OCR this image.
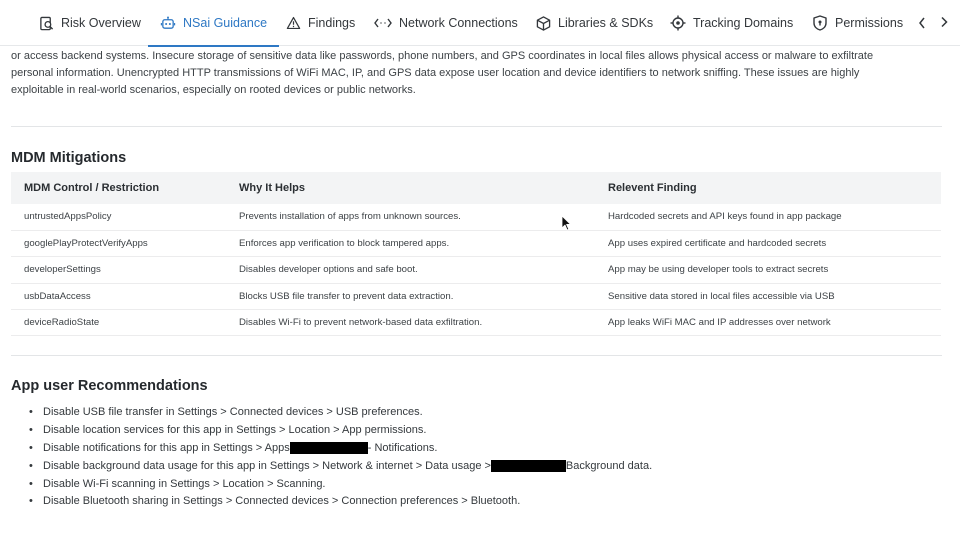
Risk Overview	NSai Guidance	Findings	Network Connections	Libraries & SDKs	Tracking Domains	Permissions
or access backend systems. Insecure storage of sensitive data like passwords, phone numbers, and GPS coordinates in local files allows physical access or malware to exfiltrate
personal information. Unencrypted HTTP transmissions of WiFi MAC, IP, and GPS data expose user location and device identifiers to network sniffing. These issues are highly
exploitable in real-world scenarios, especially on rooted devices or public networks.
MDM Mitigations
MDM Control / Restriction	Why It Helps	Relevent Finding
untrustedAppsPolicy	Prevents installation of apps from unknown sources.	Hardcoded secrets and API keys found in app package
googlePlayProtectVerifyApps	Enforces app verification to block tampered apps.	App uses expired certificate and hardcoded secrets
developerSettings	Disables developer options and safe boot.	App may be using developer tools to extract secrets
usbDataAccess	Blocks USB file transfer to prevent data extraction.	Sensitive data stored in local files accessible via USB
deviceRadioState	Disables Wi-Fi to prevent network-based data exfiltration.	App leaks WiFi MAC and IP addresses over network
App user Recommendations
• Disable USB file transfer in Settings > Connected devices > USB preferences.
• Disable location services for this app in Settings > Location > App permissions.
• Disable notifications for this app in Settings > Apps	- Notifications.
• Disable background data usage for this app in Settings > Network & internet > Data usage >	Background data.
• Disable Wi-Fi scanning in Settings > Location > Scanning.
• Disable Bluetooth sharing in Settings > Connected devices > Connection preferences > Bluetooth.
